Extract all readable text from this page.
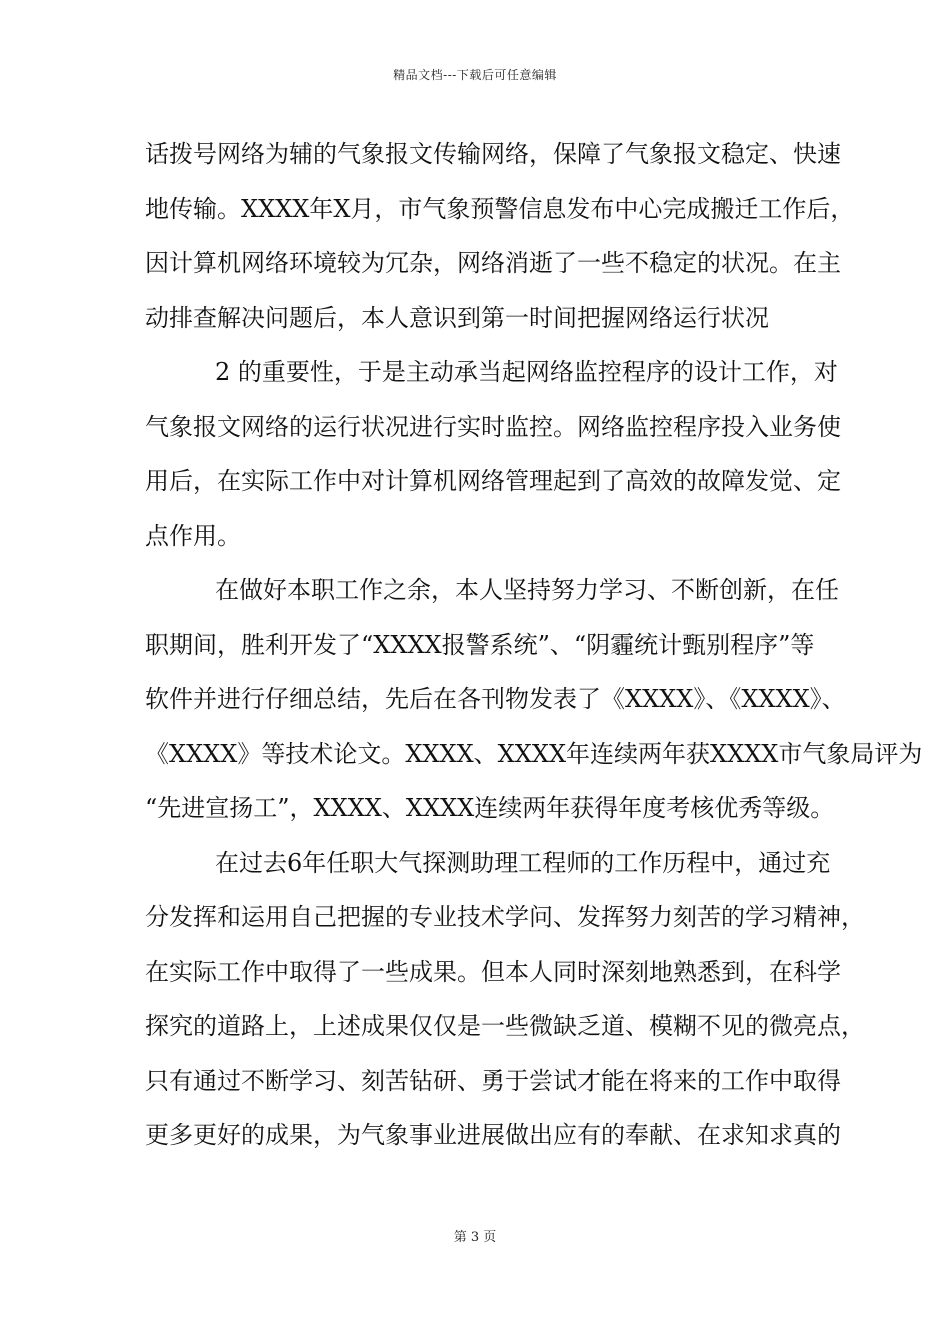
精品文档---下载后可任意编辑
话拨号网络为辅的气象报文传输网络，保障了气象报文稳定、快速
地传输。XXXX年X月，市气象预警信息发布中心完成搬迁工作后，
因计算机网络环境较为冗杂，网络消逝了一些不稳定的状况。在主
动排查解决问题后，本人意识到第一时间把握网络运行状况
2 的重要性，于是主动承当起网络监控程序的设计工作，对
气象报文网络的运行状况进行实时监控。网络监控程序投入业务使
用后，在实际工作中对计算机网络管理起到了高效的故障发觉、定
点作用。
在做好本职工作之余，本人坚持努力学习、不断创新，在任
职期间，胜利开发了“XXXX报警系统”、“阴霾统计甄别程序”等
软件并进行仔细总结，先后在各刊物发表了《XXXX》、《XXXX》、
《XXXX》等技术论文。XXXX、XXXX年连续两年获XXXX市气象局评为
“先进宣扬工”，XXXX、XXXX连续两年获得年度考核优秀等级。
在过去6年任职大气探测助理工程师的工作历程中，通过充
分发挥和运用自己把握的专业技术学问、发挥努力刻苦的学习精神，
在实际工作中取得了一些成果。但本人同时深刻地熟悉到，在科学
探究的道路上，上述成果仅仅是一些微缺乏道、模糊不见的微亮点，
只有通过不断学习、刻苦钻研、勇于尝试才能在将来的工作中取得
更多更好的成果，为气象事业进展做出应有的奉献、在求知求真的
第 3 页
